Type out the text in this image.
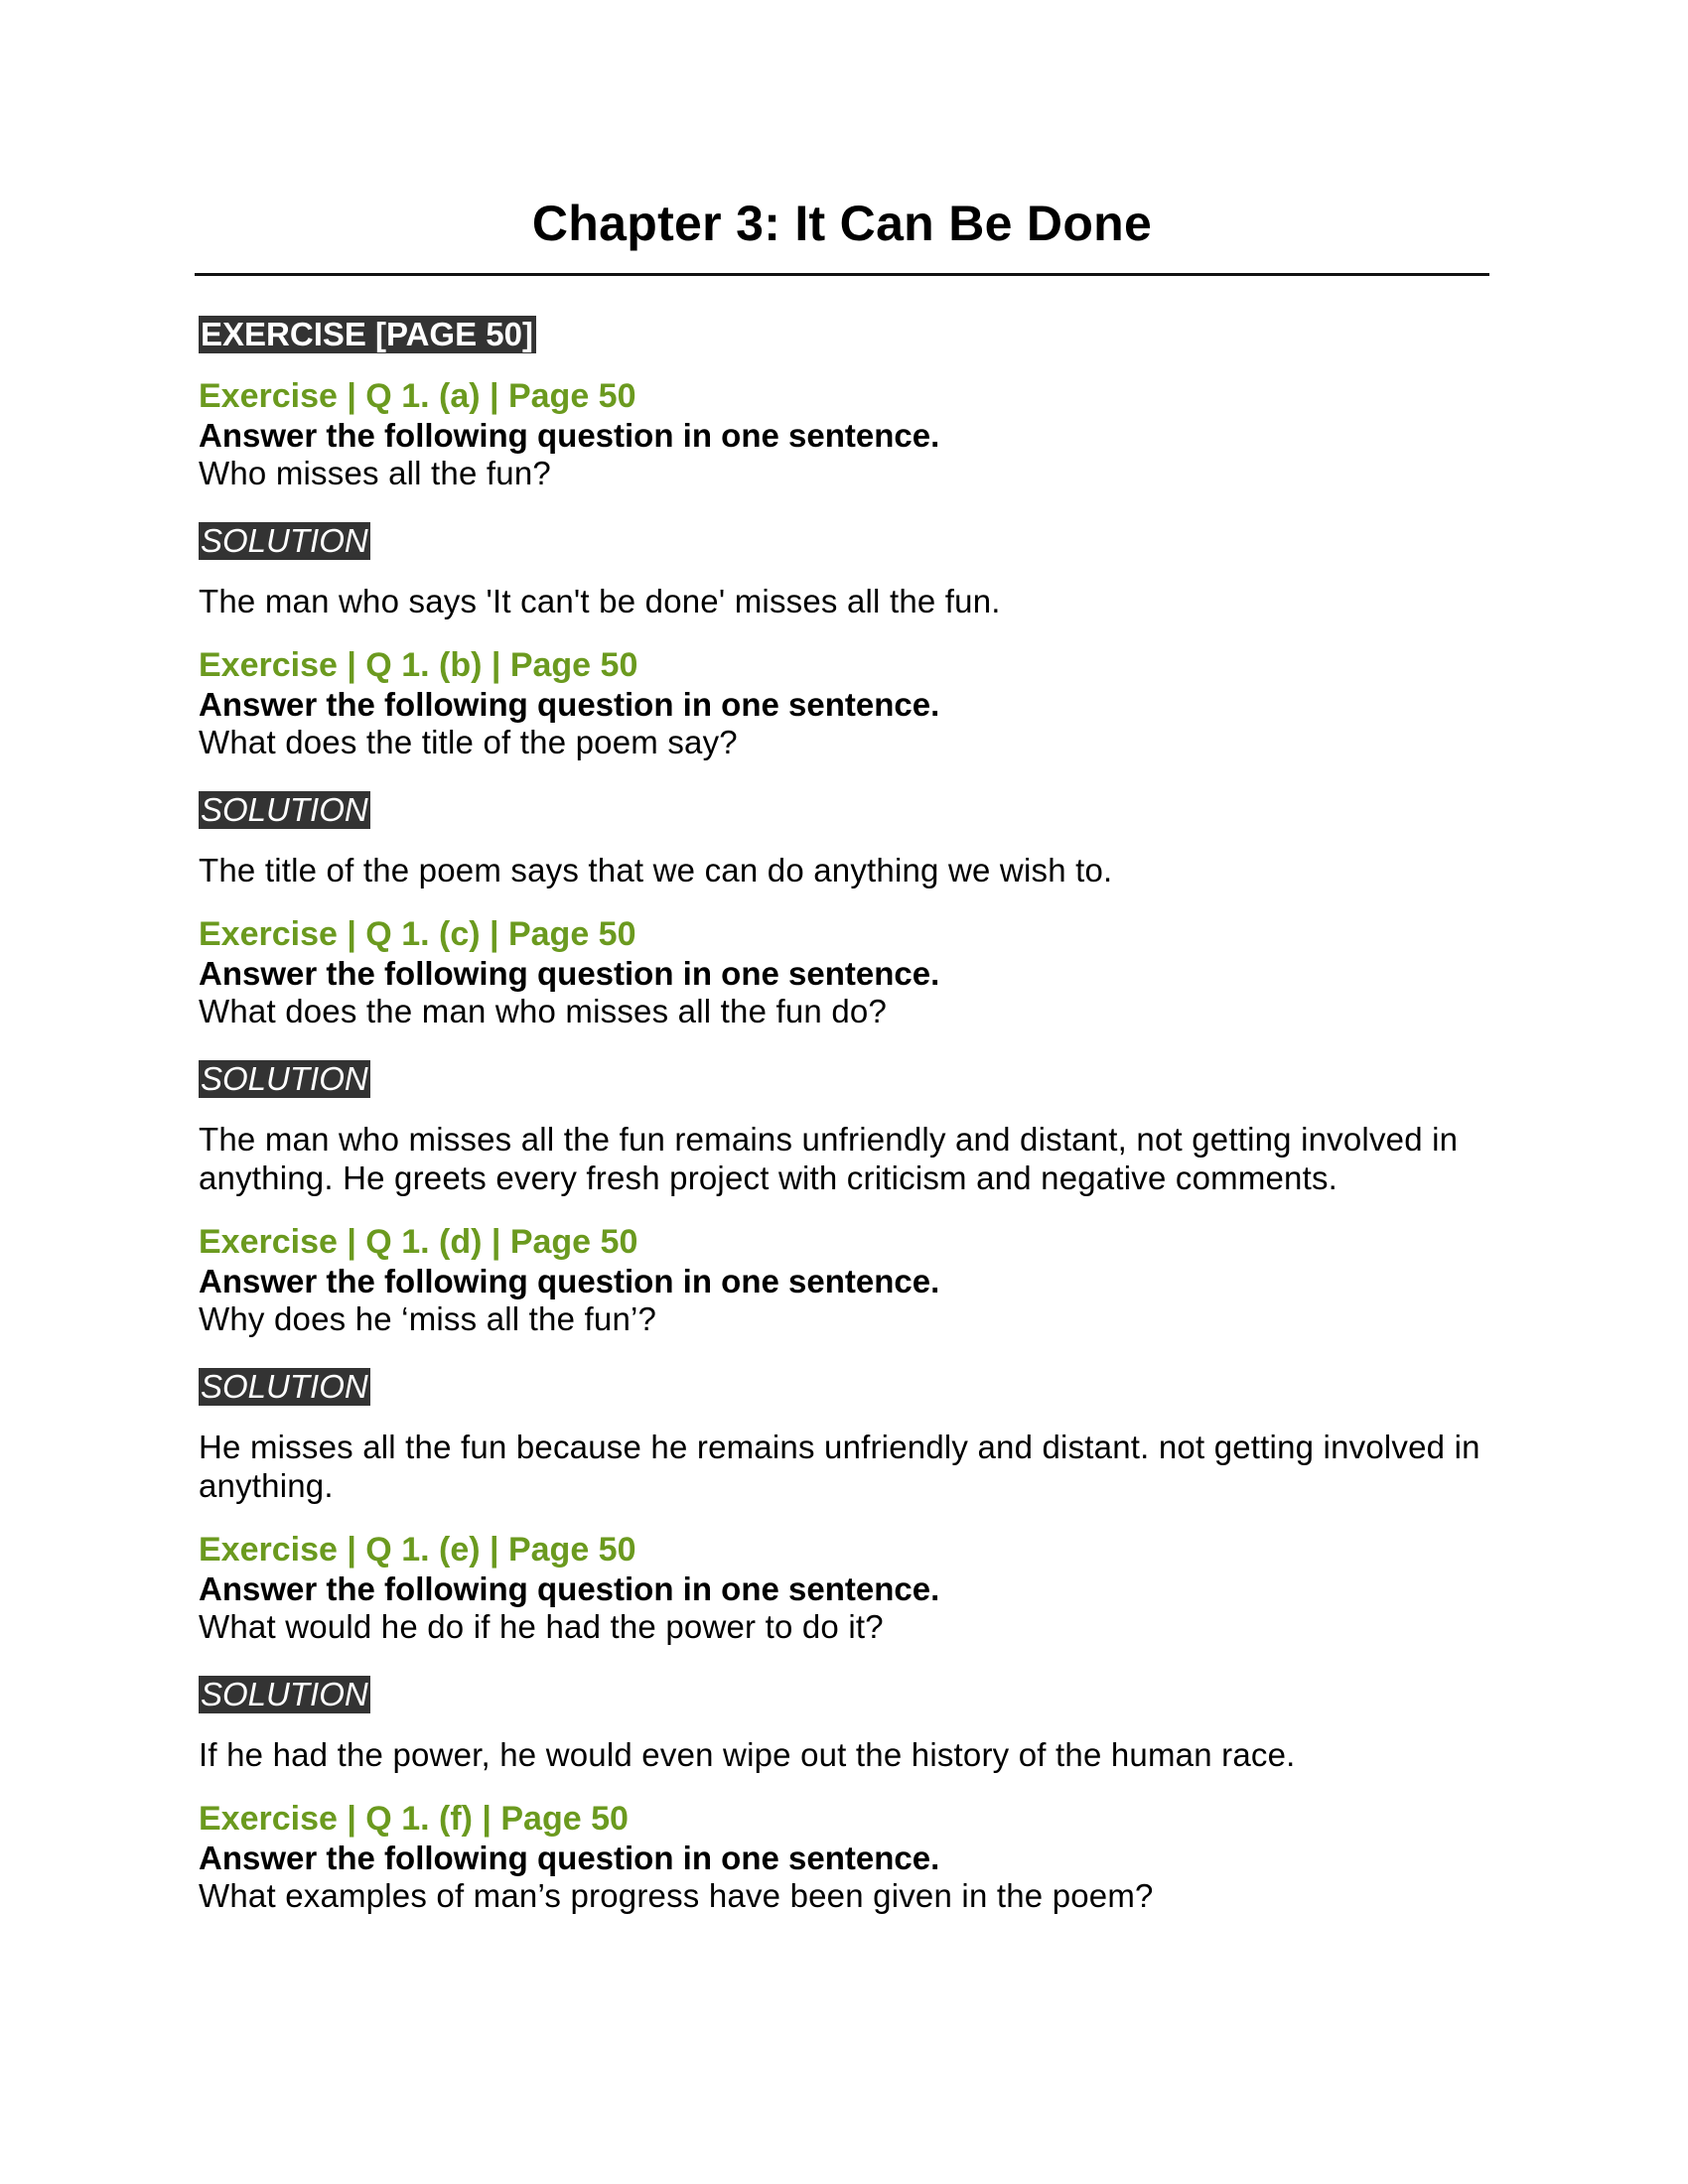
Chapter 3: It Can Be Done
EXERCISE [PAGE 50]

Exercise | Q 1. (a) | Page 50

Answer the following question in one sentence.

Who misses all the fun?

SOLUTION

The man who says 'It can't be done' misses all the fun.

Exercise | Q 1. (b) | Page 50

Answer the following question in one sentence.

What does the title of the poem say?

SOLUTION

The title of the poem says that we can do anything we wish to.

Exercise | Q 1. (c) | Page 50

Answer the following question in one sentence.

What does the man who misses all the fun do?

SOLUTION

The man who misses all the fun remains unfriendly and distant, not getting involved in anything. He greets every fresh project with criticism and negative comments.

Exercise | Q 1. (d) | Page 50

Answer the following question in one sentence.

Why does he ‘miss all the fun’?

SOLUTION

He misses all the fun because he remains unfriendly and distant. not getting involved in anything.

Exercise | Q 1. (e) | Page 50

Answer the following question in one sentence.

What would he do if he had the power to do it?

SOLUTION

If he had the power, he would even wipe out the history of the human race.

Exercise | Q 1. (f) | Page 50

Answer the following question in one sentence.

What examples of man’s progress have been given in the poem?
